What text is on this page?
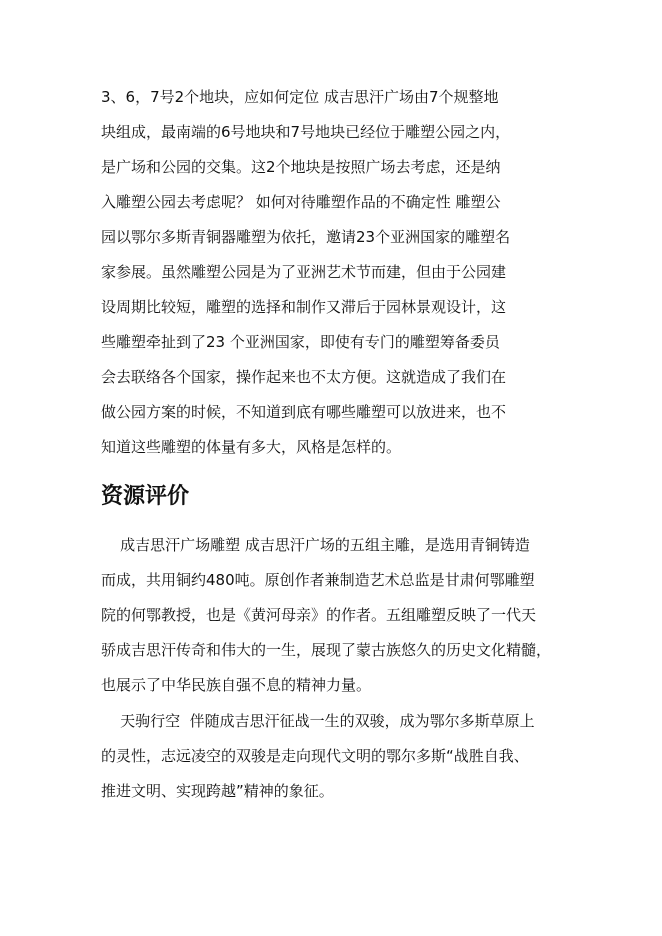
3、6，7号2个地块，应如何定位 成吉思汗广场由7个规整地
块组成，最南端的6号地块和7号地块已经位于雕塑公园之内，
是广场和公园的交集。这2个地块是按照广场去考虑，还是纳
入雕塑公园去考虑呢？ 如何对待雕塑作品的不确定性 雕塑公
园以鄂尔多斯青铜器雕塑为依托，邀请23个亚洲国家的雕塑名
家参展。虽然雕塑公园是为了亚洲艺术节而建，但由于公园建
设周期比较短，雕塑的选择和制作又滞后于园林景观设计，这
些雕塑牵扯到了23 个亚洲国家，即使有专门的雕塑筹备委员
会去联络各个国家，操作起来也不太方便。这就造成了我们在
做公园方案的时候，不知道到底有哪些雕塑可以放进来，也不
知道这些雕塑的体量有多大，风格是怎样的。
资源评价
成吉思汗广场雕塑 成吉思汗广场的五组主雕，是选用青铜铸造
而成，共用铜约480吨。原创作者兼制造艺术总监是甘肃何鄂雕塑
院的何鄂教授，也是《黄河母亲》的作者。五组雕塑反映了一代天
骄成吉思汗传奇和伟大的一生，展现了蒙古族悠久的历史文化精髓，
也展示了中华民族自强不息的精神力量。
天驹行空  伴随成吉思汗征战一生的双骏，成为鄂尔多斯草原上
的灵性，志远凌空的双骏是走向现代文明的鄂尔多斯“战胜自我、
推进文明、实现跨越”精神的象征。
